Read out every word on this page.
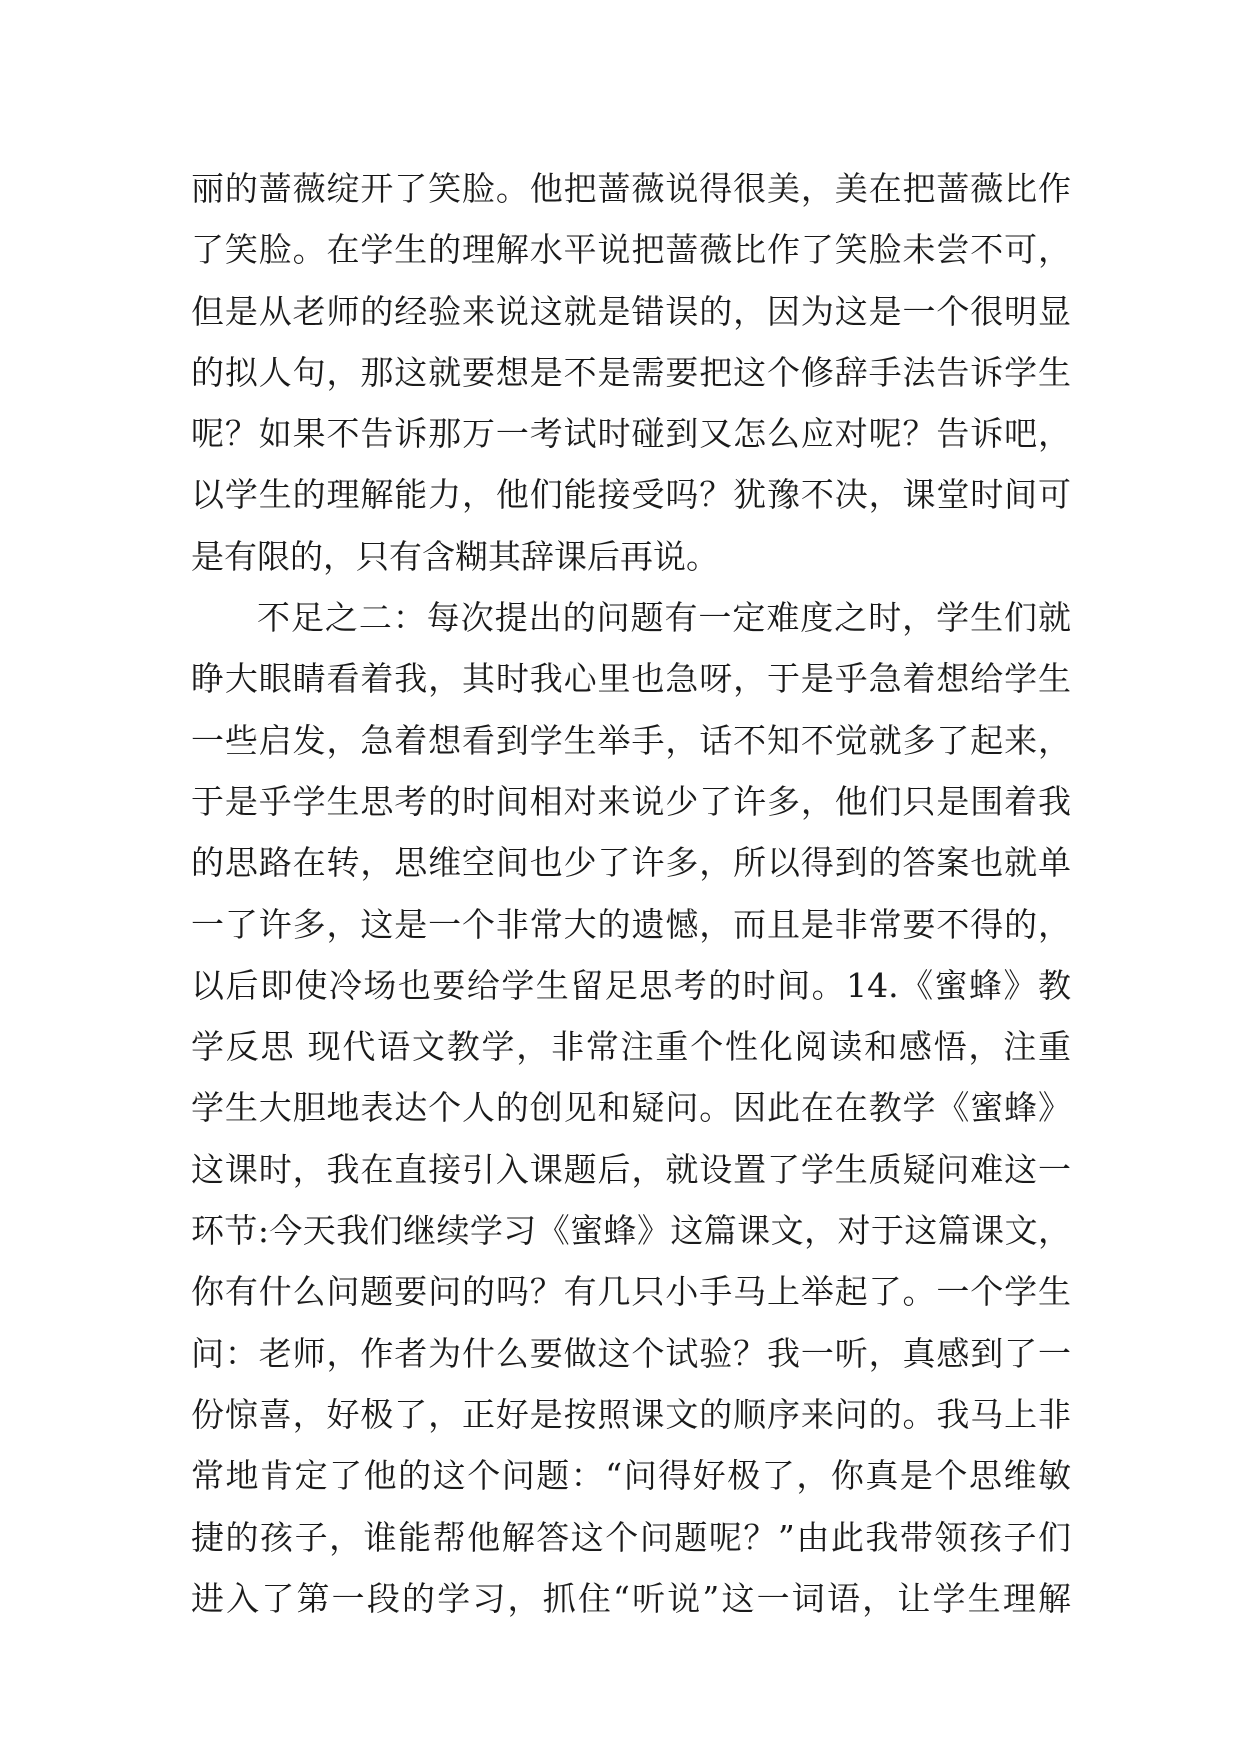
丽的蔷薇绽开了笑脸。他把蔷薇说得很美，美在把蔷薇比作
了笑脸。在学生的理解水平说把蔷薇比作了笑脸未尝不可，
但是从老师的经验来说这就是错误的，因为这是一个很明显
的拟人句，那这就要想是不是需要把这个修辞手法告诉学生
呢？如果不告诉那万一考试时碰到又怎么应对呢？告诉吧，
以学生的理解能力，他们能接受吗？犹豫不决，课堂时间可
是有限的，只有含糊其辞课后再说。
不足之二：每次提出的问题有一定难度之时，学生们就
睁大眼睛看着我，其时我心里也急呀，于是乎急着想给学生
一些启发，急着想看到学生举手，话不知不觉就多了起来，
于是乎学生思考的时间相对来说少了许多，他们只是围着我
的思路在转，思维空间也少了许多，所以得到的答案也就单
一了许多，这是一个非常大的遗憾，而且是非常要不得的，
以后即使冷场也要给学生留足思考的时间。14.《蜜蜂》教
学反思 现代语文教学，非常注重个性化阅读和感悟，注重
学生大胆地表达个人的创见和疑问。因此在在教学《蜜蜂》
这课时，我在直接引入课题后，就设置了学生质疑问难这一
环节:今天我们继续学习《蜜蜂》这篇课文，对于这篇课文，
你有什么问题要问的吗？有几只小手马上举起了。一个学生
问：老师，作者为什么要做这个试验？我一听，真感到了一
份惊喜，好极了，正好是按照课文的顺序来问的。我马上非
常地肯定了他的这个问题：“问得好极了，你真是个思维敏
捷的孩子，谁能帮他解答这个问题呢？”由此我带领孩子们
进入了第一段的学习，抓住“听说”这一词语，让学生理解
